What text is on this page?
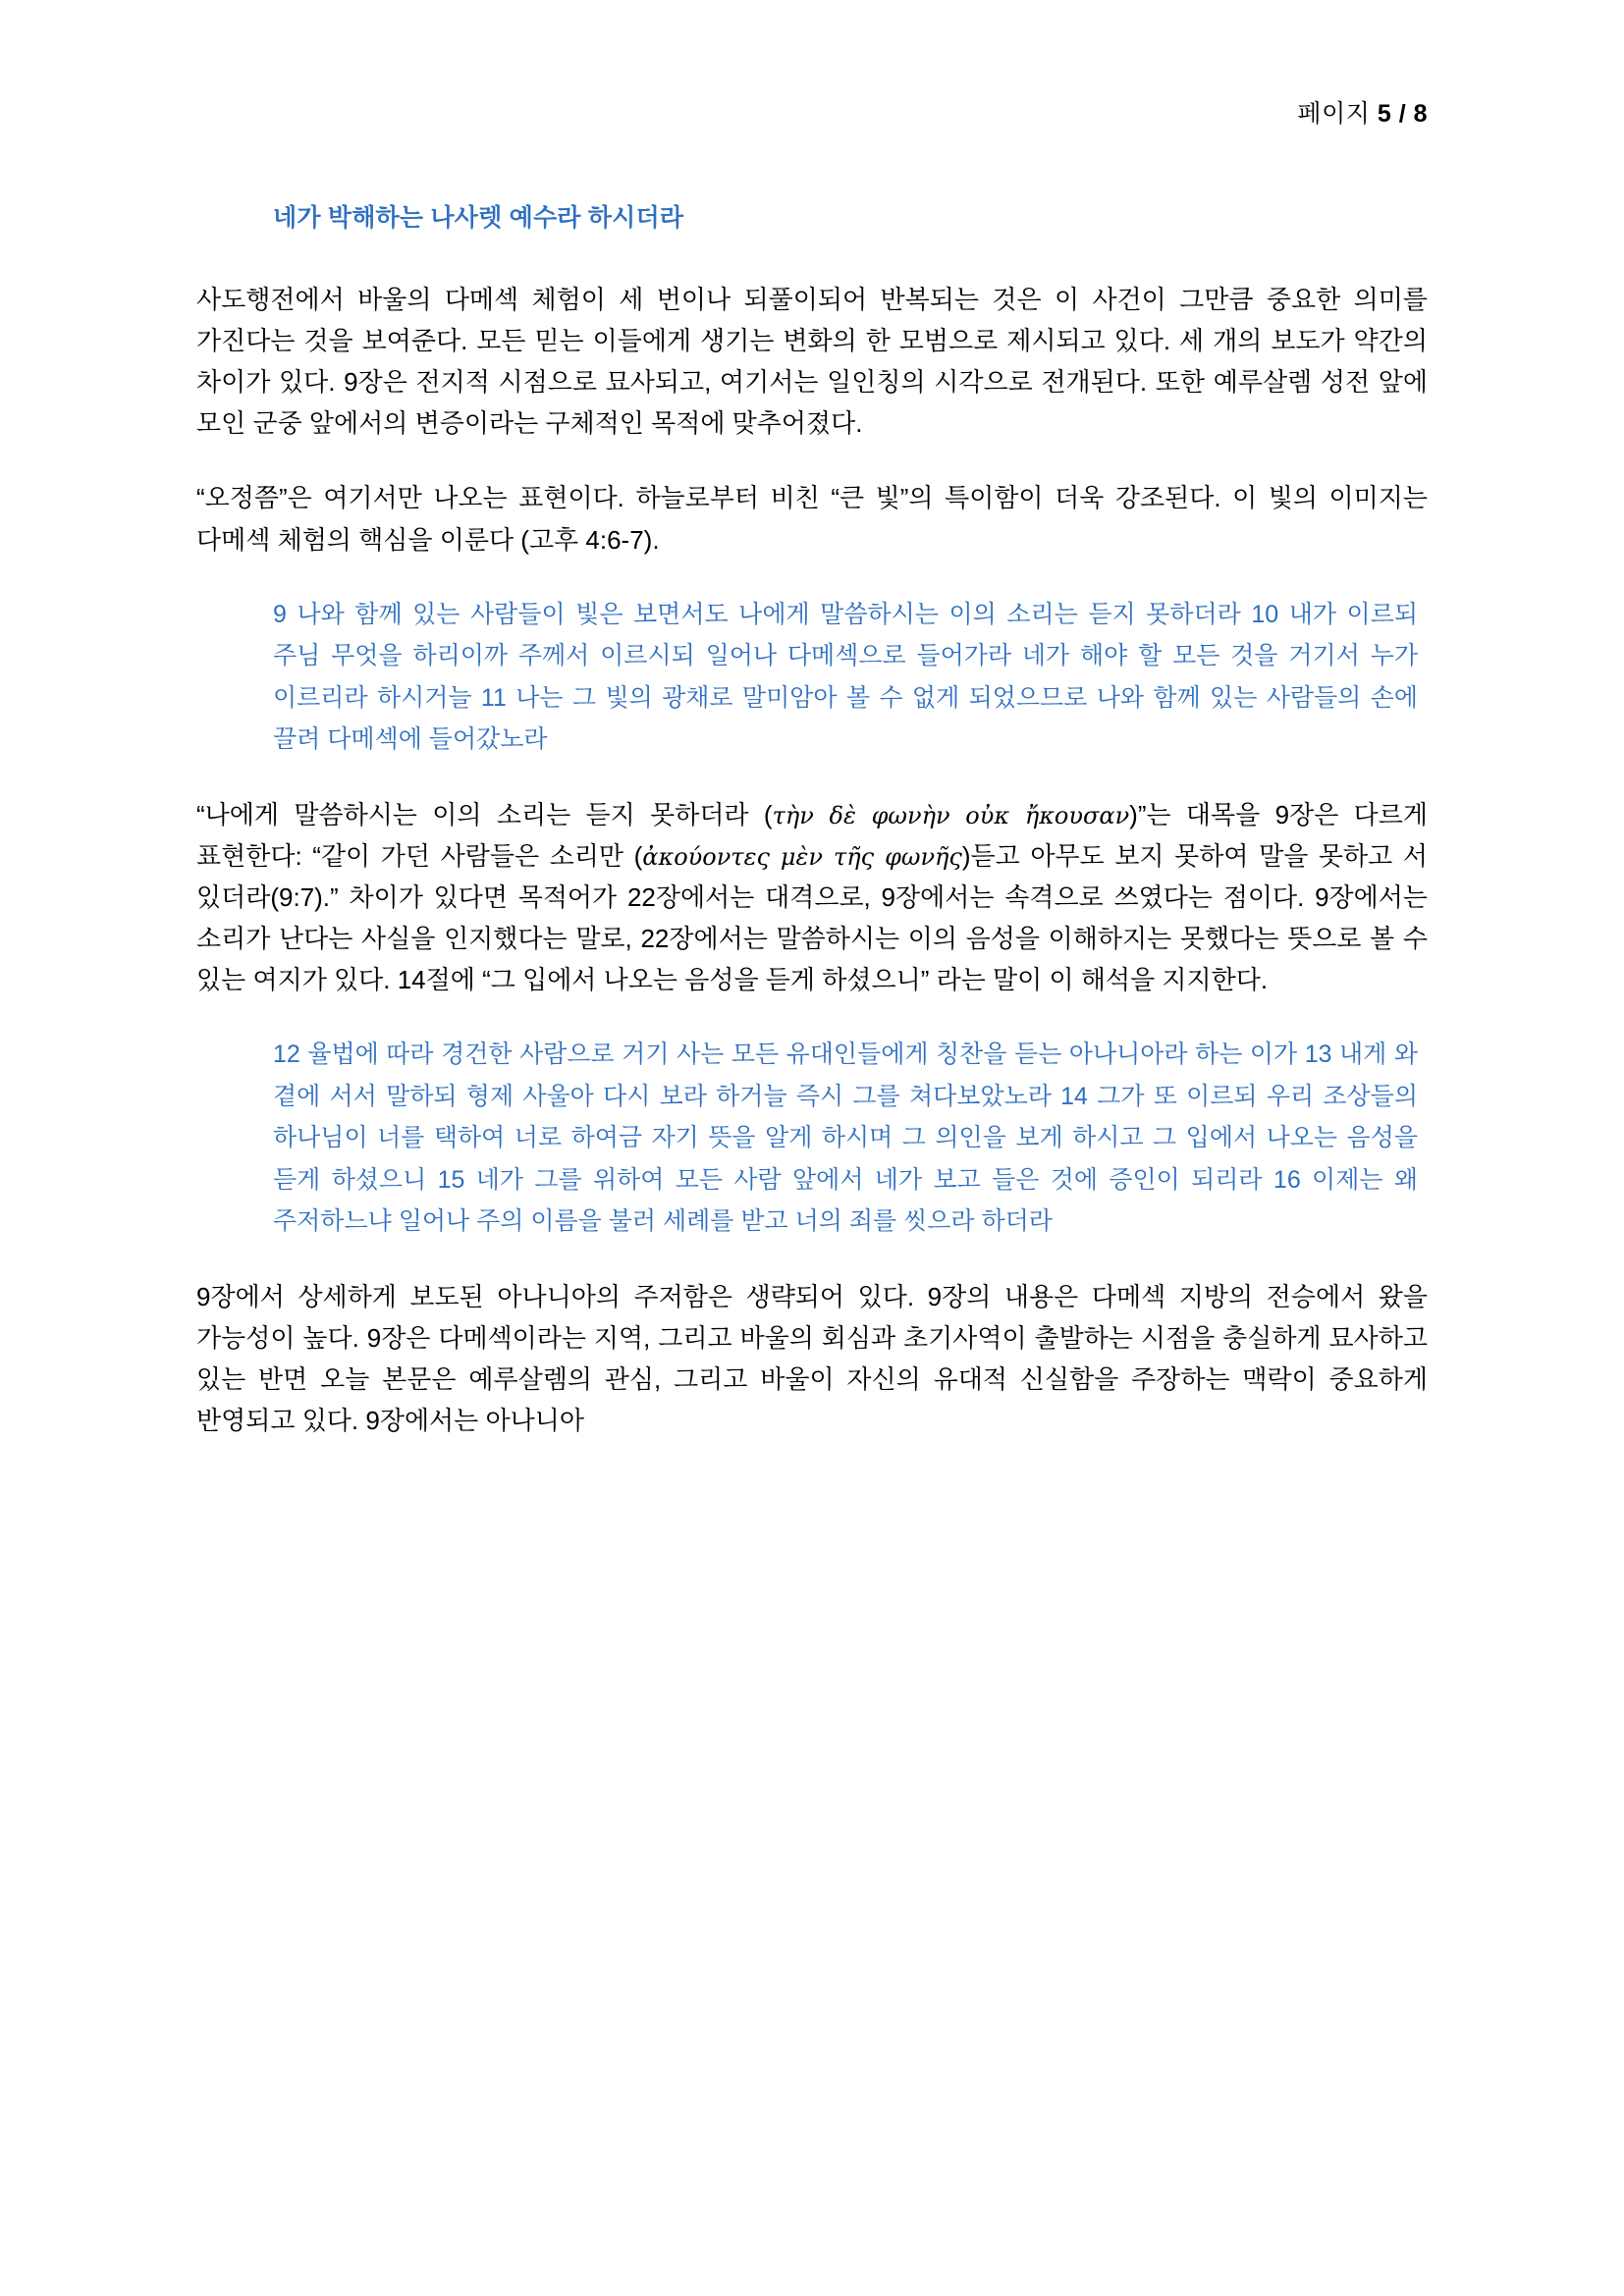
페이지 5 / 8
네가 박해하는 나사렛 예수라 하시더라

사도행전에서 바울의 다메섹 체험이 세 번이나 되풀이되어 반복되는 것은 이 사건이 그만큼 중요한 의미를 가진다는 것을 보여준다. 모든 믿는 이들에게 생기는 변화의 한 모범으로 제시되고 있다. 세 개의 보도가 약간의 차이가 있다. 9장은 전지적 시점으로 묘사되고, 여기서는 일인칭의 시각으로 전개된다. 또한 예루살렘 성전 앞에 모인 군중 앞에서의 변증이라는 구체적인 목적에 맞추어졌다.

“오정쯤”은 여기서만 나오는 표현이다. 하늘로부터 비친 “큰 빛”의 특이함이 더욱 강조된다. 이 빛의 이미지는 다메섹 체험의 핵심을 이룬다 (고후 4:6-7).

9 나와 함께 있는 사람들이 빛은 보면서도 나에게 말씀하시는 이의 소리는 듣지 못하더라 10 내가 이르되 주님 무엇을 하리이까 주께서 이르시되 일어나 다메섹으로 들어가라 네가 해야 할 모든 것을 거기서 누가 이르리라 하시거늘 11 나는 그 빛의 광채로 말미암아 볼 수 없게 되었으므로 나와 함께 있는 사람들의 손에 끌려 다메섹에 들어갔노라

“나에게 말씀하시는 이의 소리는 듣지 못하더라 (τὴν δὲ φωνὴν οὐκ ἤκουσαν)”는 대목을 9장은 다르게 표현한다: “같이 가던 사람들은 소리만 (ἀκούοντες μὲν τῆς φωνῆς)듣고 아무도 보지 못하여 말을 못하고 서 있더라(9:7).” 차이가 있다면 목적어가 22장에서는 대격으로, 9장에서는 속격으로 쓰였다는 점이다. 9장에서는 소리가 난다는 사실을 인지했다는 말로, 22장에서는 말씀하시는 이의 음성을 이해하지는 못했다는 뜻으로 볼 수 있는 여지가 있다. 14절에 “그 입에서 나오는 음성을 듣게 하셨으니” 라는 말이 이 해석을 지지한다.

12 율법에 따라 경건한 사람으로 거기 사는 모든 유대인들에게 칭찬을 듣는 아나니아라 하는 이가 13 내게 와 곁에 서서 말하되 형제 사울아 다시 보라 하거늘 즉시 그를 쳐다보았노라 14 그가 또 이르되 우리 조상들의 하나님이 너를 택하여 너로 하여금 자기 뜻을 알게 하시며 그 의인을 보게 하시고 그 입에서 나오는 음성을 듣게 하셨으니 15 네가 그를 위하여 모든 사람 앞에서 네가 보고 들은 것에 증인이 되리라 16 이제는 왜 주저하느냐 일어나 주의 이름을 불러 세례를 받고 너의 죄를 씻으라 하더라

9장에서 상세하게 보도된 아나니아의 주저함은 생략되어 있다. 9장의 내용은 다메섹 지방의 전승에서 왔을 가능성이 높다. 9장은 다메섹이라는 지역, 그리고 바울의 회심과 초기사역이 출발하는 시점을 충실하게 묘사하고 있는 반면 오늘 본문은 예루살렘의 관심, 그리고 바울이 자신의 유대적 신실함을 주장하는 맥락이 중요하게 반영되고 있다. 9장에서는 아나니아
